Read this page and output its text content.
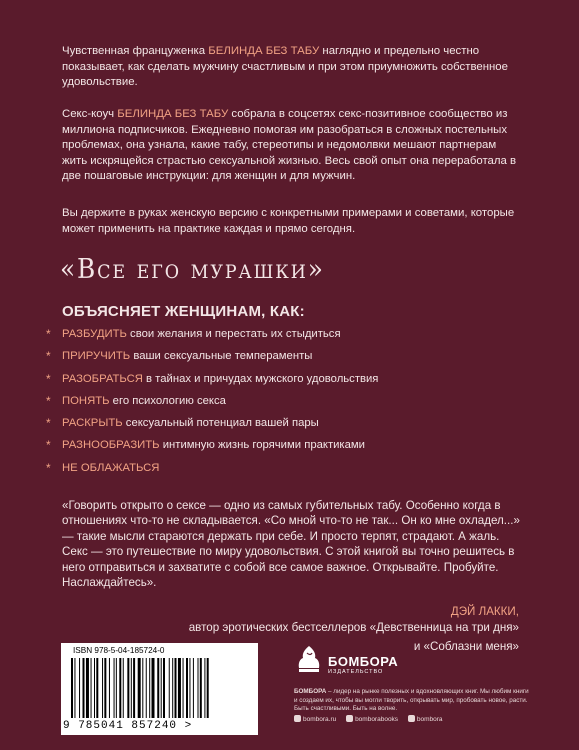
Чувственная француженка БЕЛИНДА БЕЗ ТАБУ наглядно и предельно честно показывает, как сделать мужчину счастливым и при этом приумножить собственное удовольствие.

Секс-коуч БЕЛИНДА БЕЗ ТАБУ собрала в соцсетях секс-позитивное сообщество из миллиона подписчиков. Ежедневно помогая им разобраться в сложных постельных проблемах, она узнала, какие табу, стереотипы и недомолвки мешают партнерам жить искрящейся страстью сексуальной жизнью. Весь свой опыт она переработала в две пошаговые инструкции: для женщин и для мужчин.

Вы держите в руках женскую версию с конкретными примерами и советами, которые может применить на практике каждая и прямо сегодня.

«Все его мурашки»
ОБЪЯСНЯЕТ ЖЕНЩИНАМ, КАК:
* РАЗБУДИТЬ свои желания и перестать их стыдиться
* ПРИРУЧИТЬ ваши сексуальные темпераменты
* РАЗОБРАТЬСЯ в тайнах и причудах мужского удовольствия
* ПОНЯТЬ его психологию секса
* РАСКРЫТЬ сексуальный потенциал вашей пары
* РАЗНООБРАЗИТЬ интимную жизнь горячими практиками
* НЕ ОБЛАЖАТЬСЯ

«Говорить открыто о сексе — одно из самых губительных табу. Особенно когда в отношениях что-то не складывается. «Со мной что-то не так... Он ко мне охладел...» — такие мысли стараются держать при себе. И просто терпят, страдают. А жаль.
Секс — это путешествие по миру удовольствия. С этой книгой вы точно решитесь в него отправиться и захватите с собой все самое важное. Открывайте. Пробуйте. Наслаждайтесь».

ДЭЙ ЛАККИ,
автор эротических бестселлеров «Девственница на три дня»
и «Соблазни меня»
ISBN 978-5-04-185724-0
9 785041 857240 >
БОМБОРА
ИЗДАТЕЛЬСТВО
БОМБОРА – лидер на рынке полезных и вдохновляющих книг. Мы любим книги и создаем их, чтобы вы могли творить, открывать мир, пробовать новое, расти. Быть счастливыми. Быть на волне.
bombora.ru	bomborabooks	bombora
